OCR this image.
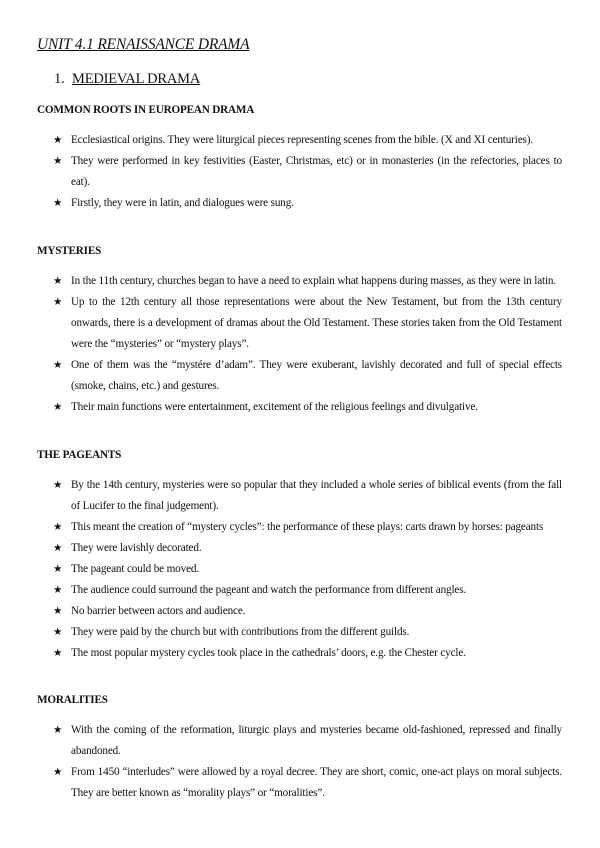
UNIT 4.1 RENAISSANCE DRAMA
1. MEDIEVAL DRAMA
COMMON ROOTS IN EUROPEAN DRAMA
★ Ecclesiastical origins. They were liturgical pieces representing scenes from the bible. (X and XI centuries).
★ They were performed in key festivities (Easter, Christmas, etc) or in monasteries (in the refectories, places to eat).
★ Firstly, they were in latin, and dialogues were sung.
MYSTERIES
★ In the 11th century, churches began to have a need to explain what happens during masses, as they were in latin.
★ Up to the 12th century all those representations were about the New Testament, but from the 13th century onwards, there is a development of dramas about the Old Testament. These stories taken from the Old Testament were the “mysteries” or “mystery plays”.
★ One of them was the “mystére d’adam”. They were exuberant, lavishly decorated and full of special effects (smoke, chains, etc.) and gestures.
★ Their main functions were entertainment, excitement of the religious feelings and divulgative.
THE PAGEANTS
★ By the 14th century, mysteries were so popular that they included a whole series of biblical events (from the fall of Lucifer to the final judgement).
★ This meant the creation of “mystery cycles”: the performance of these plays: carts drawn by horses: pageants
★ They were lavishly decorated.
★ The pageant could be moved.
★ The audience could surround the pageant and watch the performance from different angles.
★ No barrier between actors and audience.
★ They were paid by the church but with contributions from the different guilds.
★ The most popular mystery cycles took place in the cathedrals’ doors, e.g. the Chester cycle.
MORALITIES
★ With the coming of the reformation, liturgic plays and mysteries became old-fashioned, repressed and finally abandoned.
★ From 1450 “interludes” were allowed by a royal decree. They are short, comic, one-act plays on moral subjects. They are better known as “morality plays” or “moralities”.
